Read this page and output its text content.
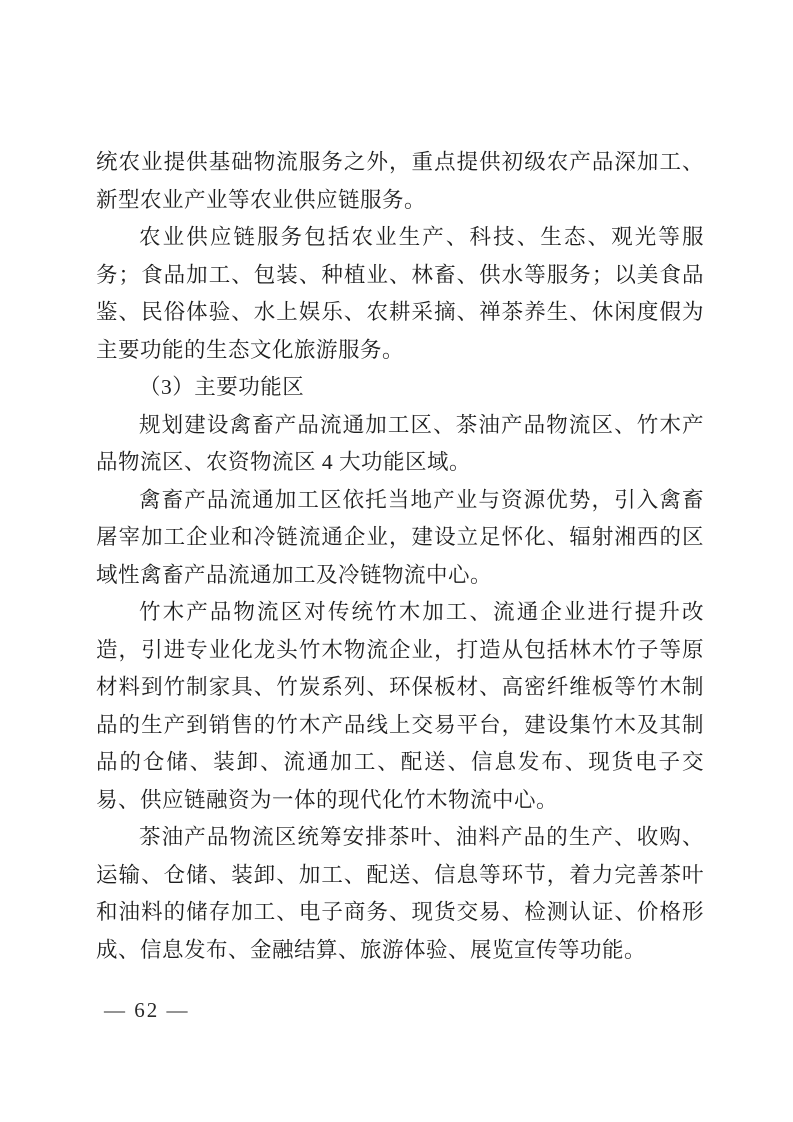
统农业提供基础物流服务之外，重点提供初级农产品深加工、新型农业产业等农业供应链服务。

农业供应链服务包括农业生产、科技、生态、观光等服务；食品加工、包装、种植业、林畜、供水等服务；以美食品鉴、民俗体验、水上娱乐、农耕采摘、禅茶养生、休闲度假为主要功能的生态文化旅游服务。

（3）主要功能区

规划建设禽畜产品流通加工区、茶油产品物流区、竹木产品物流区、农资物流区 4 大功能区域。

禽畜产品流通加工区依托当地产业与资源优势，引入禽畜屠宰加工企业和冷链流通企业，建设立足怀化、辐射湘西的区域性禽畜产品流通加工及冷链物流中心。

竹木产品物流区对传统竹木加工、流通企业进行提升改造，引进专业化龙头竹木物流企业，打造从包括林木竹子等原材料到竹制家具、竹炭系列、环保板材、高密纤维板等竹木制品的生产到销售的竹木产品线上交易平台，建设集竹木及其制品的仓储、装卸、流通加工、配送、信息发布、现货电子交易、供应链融资为一体的现代化竹木物流中心。

茶油产品物流区统筹安排茶叶、油料产品的生产、收购、运输、仓储、装卸、加工、配送、信息等环节，着力完善茶叶和油料的储存加工、电子商务、现货交易、检测认证、价格形成、信息发布、金融结算、旅游体验、展览宣传等功能。

— 62 —
